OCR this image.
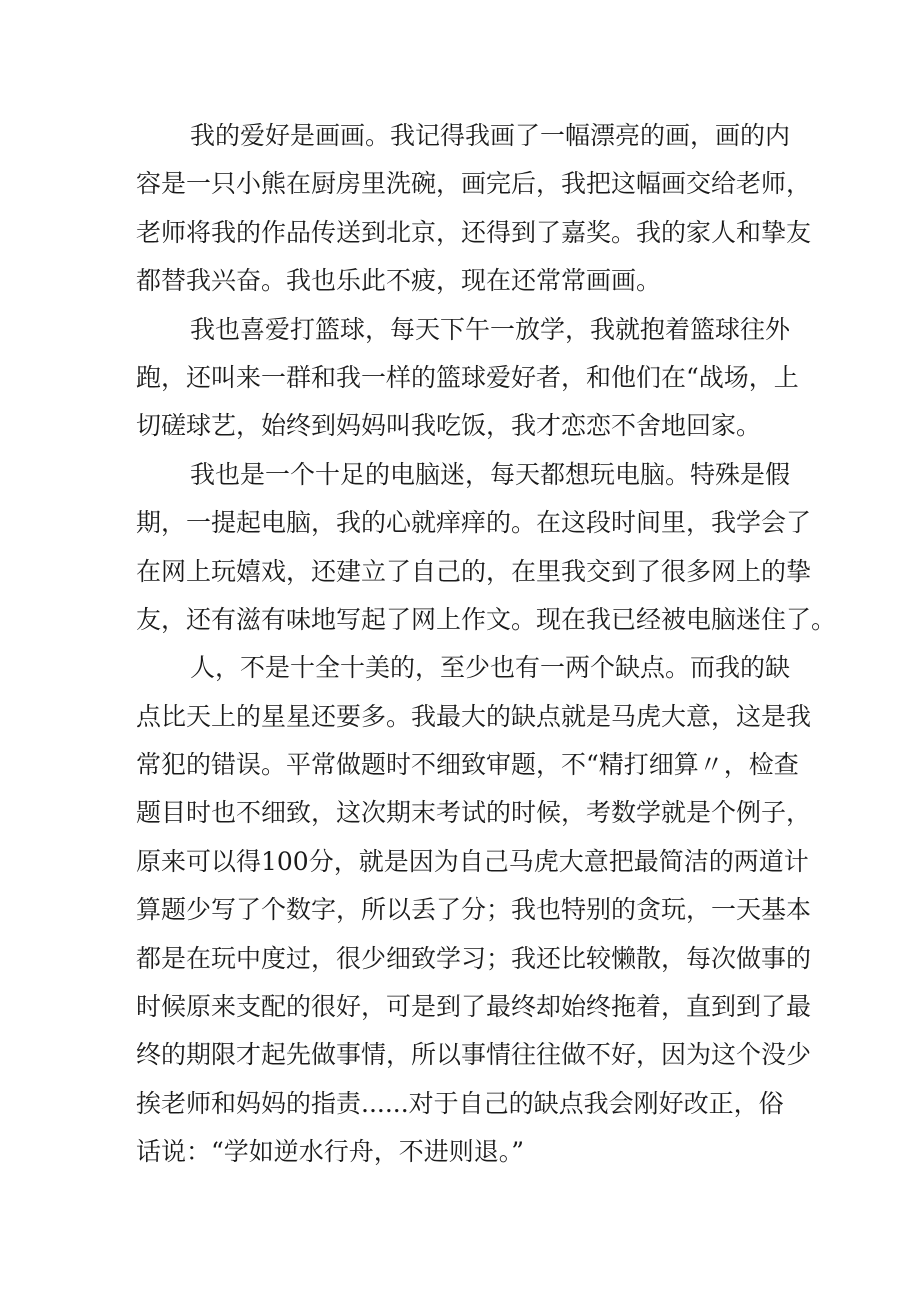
我的爱好是画画。我记得我画了一幅漂亮的画，画的内
容是一只小熊在厨房里洗碗，画完后，我把这幅画交给老师，
老师将我的作品传送到北京，还得到了嘉奖。我的家人和挚友
都替我兴奋。我也乐此不疲，现在还常常画画。
我也喜爱打篮球，每天下午一放学，我就抱着篮球往外
跑，还叫来一群和我一样的篮球爱好者，和他们在“战场，上
切磋球艺，始终到妈妈叫我吃饭，我才恋恋不舍地回家。
我也是一个十足的电脑迷，每天都想玩电脑。特殊是假
期，一提起电脑，我的心就痒痒的。在这段时间里，我学会了
在网上玩嬉戏，还建立了自己的，在里我交到了很多网上的挚
友，还有滋有味地写起了网上作文。现在我已经被电脑迷住了。
人，不是十全十美的，至少也有一两个缺点。而我的缺
点比天上的星星还要多。我最大的缺点就是马虎大意，这是我
常犯的错误。平常做题时不细致审题，不“精打细算〃，检查
题目时也不细致，这次期末考试的时候，考数学就是个例子，
原来可以得100分，就是因为自己马虎大意把最简洁的两道计
算题少写了个数字，所以丢了分；我也特别的贪玩，一天基本
都是在玩中度过，很少细致学习；我还比较懒散，每次做事的
时候原来支配的很好，可是到了最终却始终拖着，直到到了最
终的期限才起先做事情，所以事情往往做不好，因为这个没少
挨老师和妈妈的指责......对于自己的缺点我会刚好改正，俗
话说：“学如逆水行舟，不进则退。”
